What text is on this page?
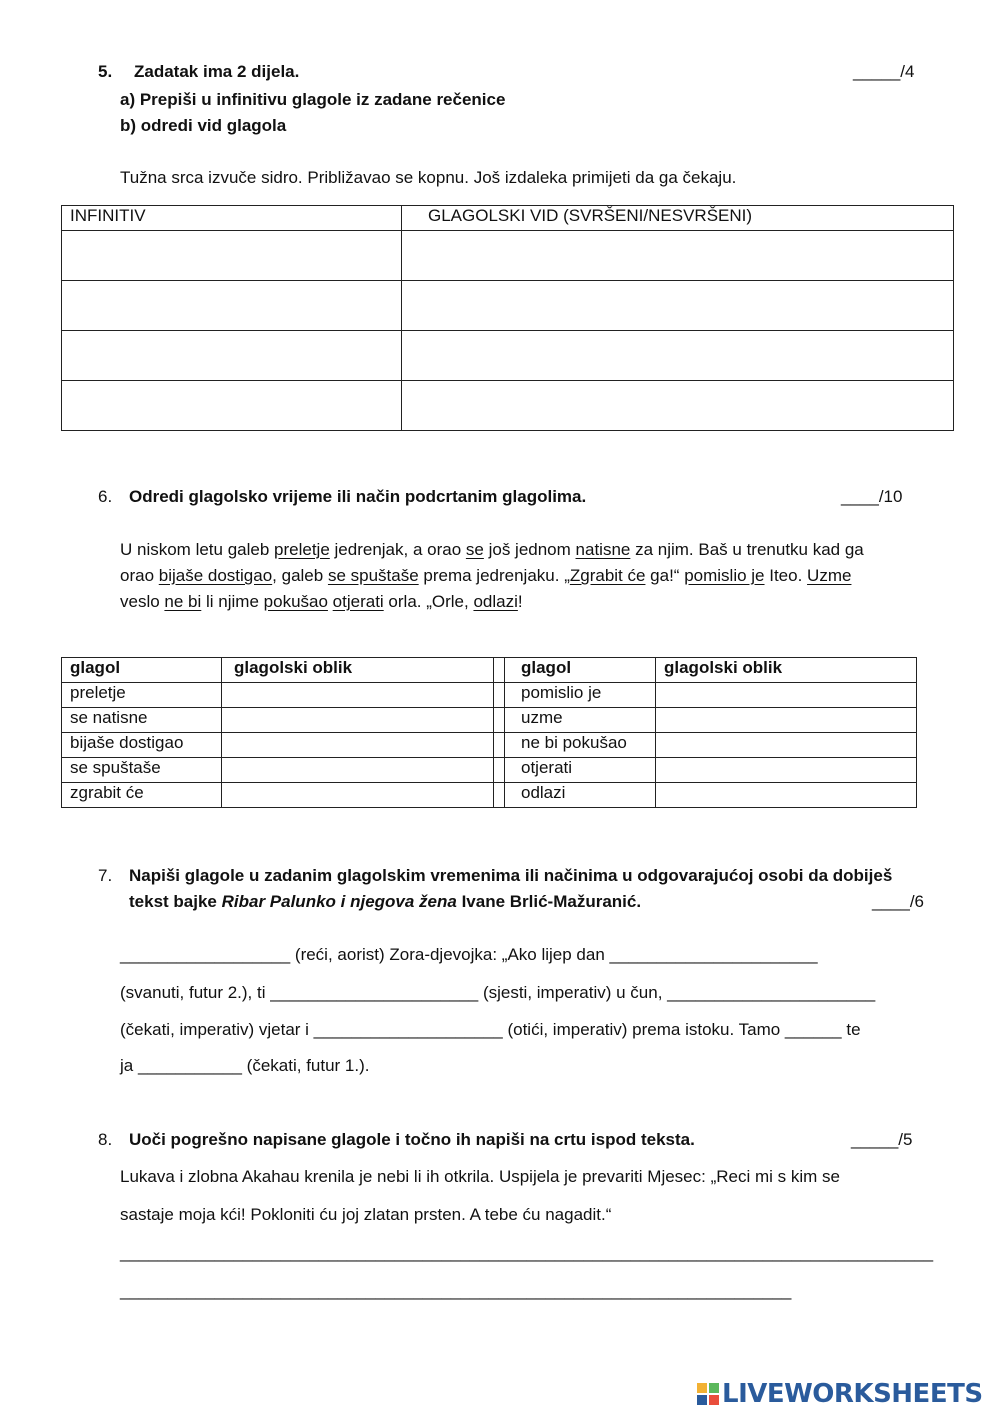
5. Zadatak ima 2 dijela.	_____/4
a) Prepiši u infinitivu glagole iz zadane rečenice
b) odredi vid glagola
Tužna srca izvuče sidro. Približavao se kopnu. Još izdaleka primijeti da ga čekaju.
INFINITIV	GLAGOLSKI VID (SVRŠENI/NESVRŠENI)

6. Odredi glagolsko vrijeme ili način podcrtanim glagolima.	____/10
U niskom letu galeb preletje jedrenjak, a orao se još jednom natisne za njim. Baš u trenutku kad ga
orao bijaše dostigao, galeb se spuštaše prema jedrenjaku. „Zgrabit će ga!“ pomislio je Iteo. Uzme
veslo ne bi li njime pokušao otjerati orla. „Orle, odlazi!
glagol	glagolski oblik		glagol	glagolski oblik
preletje			pomislio je	
se natisne			uzme	
bijaše dostigao			ne bi pokušao	
se spuštaše			otjerati	
zgrabit će			odlazi	
7. Napiši glagole u zadanim glagolskim vremenima ili načinima u odgovarajućoj osobi da dobiješ
tekst bajke Ribar Palunko i njegova žena Ivane Brlić-Mažuranić.	____/6
__________________ (reći, aorist) Zora-djevojka: „Ako lijep dan ______________________
(svanuti, futur 2.), ti ______________________ (sjesti, imperativ) u čun, ______________________
(čekati, imperativ) vjetar i ____________________ (otići, imperativ) prema istoku. Tamo ______ te
ja ___________ (čekati, futur 1.).
8. Uoči pogrešno napisane glagole i točno ih napiši na crtu ispod teksta.	_____/5
Lukava i zlobna Akahau krenila je nebi li ih otkrila. Uspijela je prevariti Mjesec: „Reci mi s kim se
sastaje moja kći! Pokloniti ću joj zlatan prsten. A tebe ću nagadit.“
______________________________________________________________________________________
_______________________________________________________________________
LIVEWORKSHEETS
